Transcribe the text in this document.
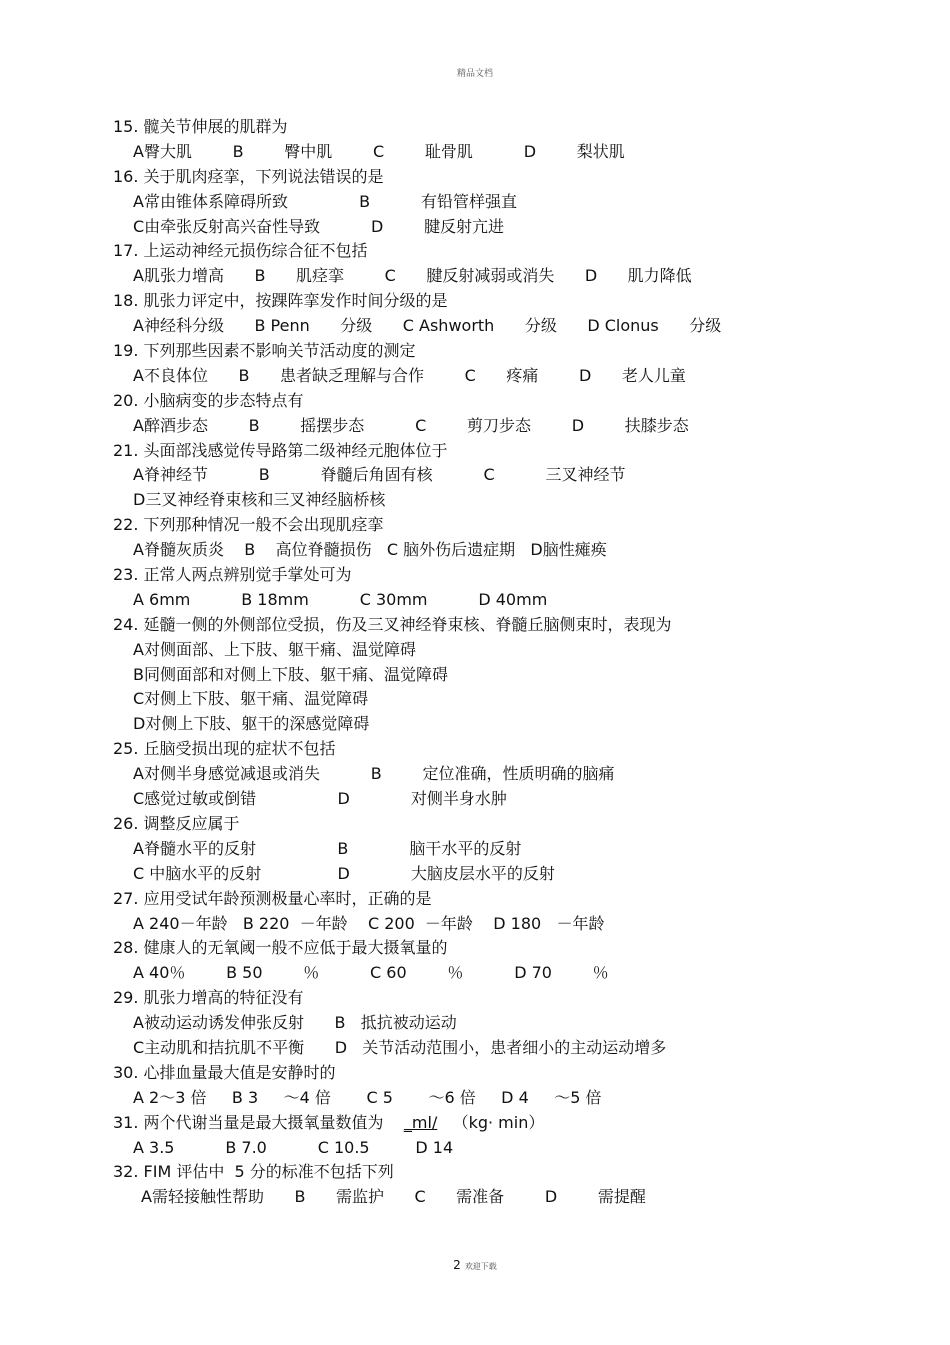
精品文档
15. 髋关节伸展的肌群为
A臀大肌        B        臀中肌        C        耻骨肌          D        梨状肌
16. 关于肌肉痉挛，下列说法错误的是
A常由锥体系障碍所致              B          有铅管样强直
C由牵张反射高兴奋性导致          D        腱反射亢进
17. 上运动神经元损伤综合征不包括
A肌张力增高      B      肌痉挛        C      腱反射减弱或消失      D      肌力降低
18. 肌张力评定中，按踝阵挛发作时间分级的是
A神经科分级      B Penn      分级      C Ashworth      分级      D Clonus      分级
19. 下列那些因素不影响关节活动度的测定
A不良体位      B      患者缺乏理解与合作        C      疼痛        D      老人儿童
20. 小脑病变的步态特点有
A醉酒步态        B        摇摆步态          C        剪刀步态        D        扶膝步态
21. 头面部浅感觉传导路第二级神经元胞体位于
A脊神经节          B          脊髓后角固有核          C          三叉神经节
D三叉神经脊束核和三叉神经脑桥核
22. 下列那种情况一般不会出现肌痉挛
A脊髓灰质炎    B    高位脊髓损伤   C 脑外伤后遗症期   D脑性瘫痪
23. 正常人两点辨别觉手掌处可为
A 6mm          B 18mm          C 30mm          D 40mm
24. 延髓一侧的外侧部位受损，伤及三叉神经脊束核、脊髓丘脑侧束时，表现为
A对侧面部、上下肢、躯干痛、温觉障碍
B同侧面部和对侧上下肢、躯干痛、温觉障碍
C对侧上下肢、躯干痛、温觉障碍
D对侧上下肢、躯干的深感觉障碍
25. 丘脑受损出现的症状不包括
A对侧半身感觉减退或消失          B        定位准确，性质明确的脑痛
C感觉过敏或倒错                D            对侧半身水肿
26. 调整反应属于
A脊髓水平的反射                B            脑干水平的反射
C 中脑水平的反射               D            大脑皮层水平的反射
27. 应用受试年龄预测极量心率时，正确的是
A 240－年龄   B 220  －年龄    C 200  －年龄    D 180   －年龄
28. 健康人的无氧阈一般不应低于最大摄氧量的
A 40％        B 50        ％          C 60        ％          D 70        ％
29. 肌张力增高的特征没有
A被动运动诱发伸张反射      B   抵抗被动运动
C主动肌和拮抗肌不平衡      D   关节活动范围小，患者细小的主动运动增多
30. 心排血量最大值是安静时的
A 2～3 倍     B 3     ～4 倍       C 5       ～6 倍     D 4     ～5 倍
31. 两个代谢当量是最大摄氧量数值为    _ml/   （kg· min）
A 3.5          B 7.0          C 10.5         D 14
32. FIM 评估中  5 分的标准不包括下列
A需轻接触性帮助      B      需监护      C      需准备        D        需提醒
2 欢迎下载
